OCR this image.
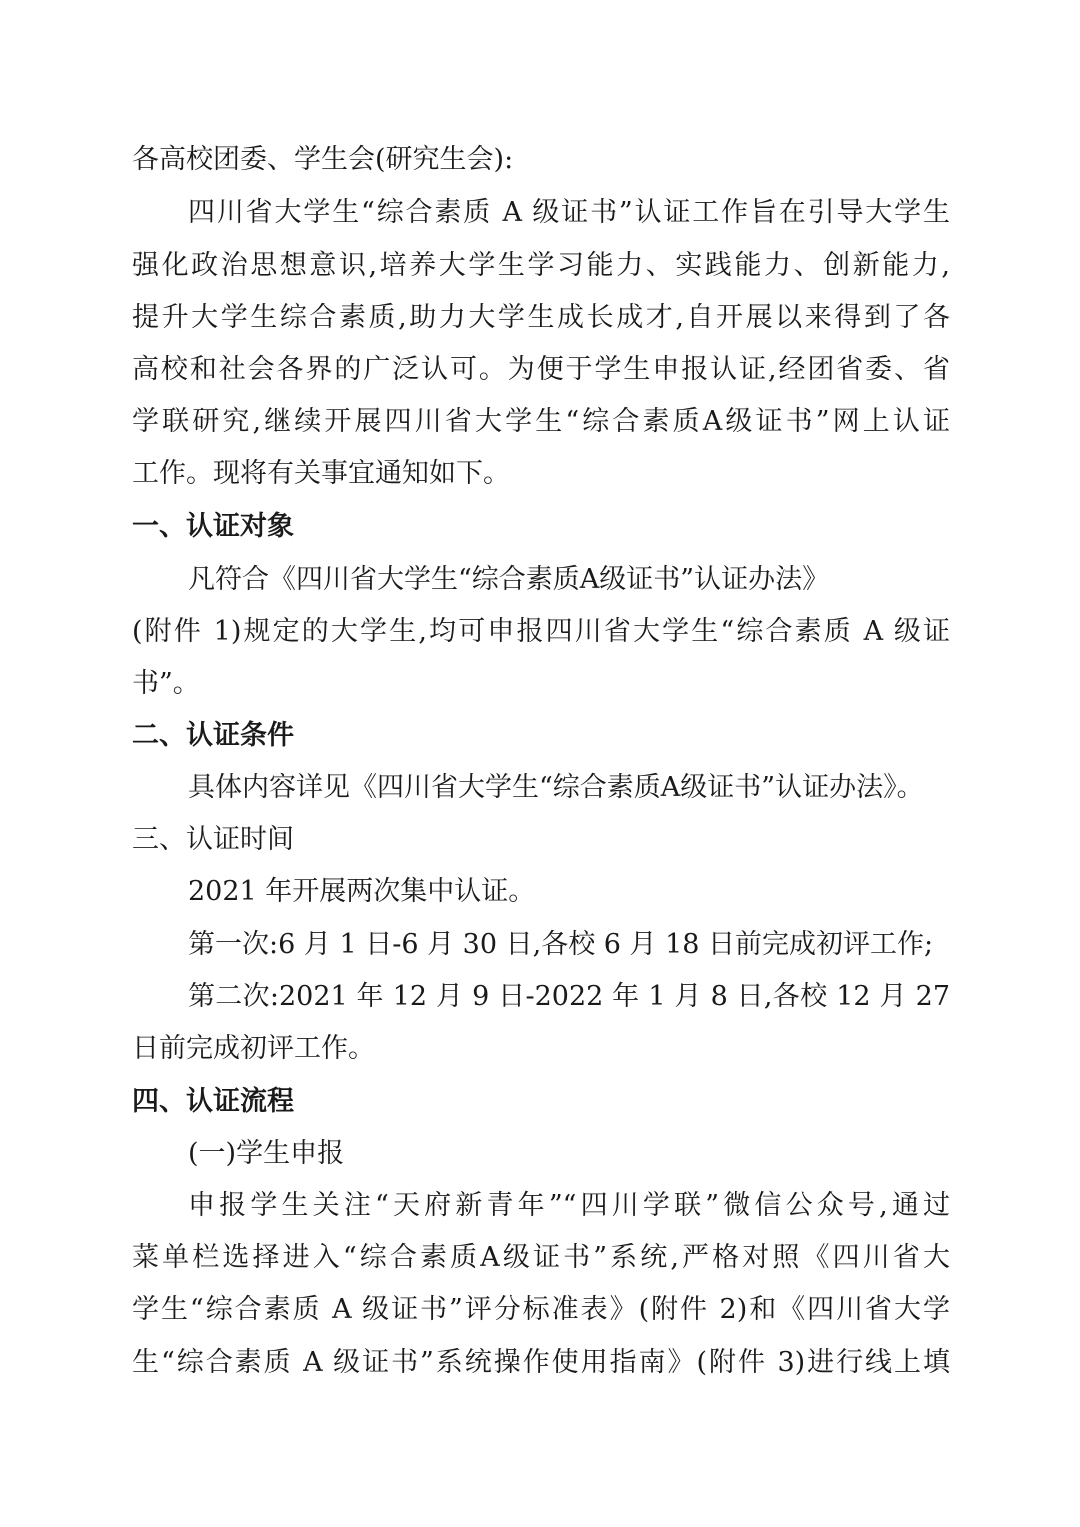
各高校团委、学生会(研究生会):
四川省大学生“综合素质 A 级证书”认证工作旨在引导大学生
强化政治思想意识,培养大学生学习能力、实践能力、创新能力,
提升大学生综合素质,助力大学生成长成才,自开展以来得到了各
高校和社会各界的广泛认可。为便于学生申报认证,经团省委、省
学联研究,继续开展四川省大学生“综合素质A级证书”网上认证
工作。现将有关事宜通知如下。
一、认证对象
凡符合《四川省大学生“综合素质A级证书”认证办法》
(附件 1)规定的大学生,均可申报四川省大学生“综合素质 A 级证
书”。
二、认证条件
具体内容详见《四川省大学生“综合素质A级证书”认证办法》。
三、认证时间
2021 年开展两次集中认证。
第一次:6 月 1 日-6 月 30 日,各校 6 月 18 日前完成初评工作;
第二次:2021 年 12 月 9 日-2022 年 1 月 8 日,各校 12 月 27
日前完成初评工作。
四、认证流程
(一)学生申报
申报学生关注“天府新青年”“四川学联”微信公众号,通过
菜单栏选择进入“综合素质A级证书”系统,严格对照《四川省大
学生“综合素质 A 级证书”评分标准表》(附件 2)和《四川省大学
生“综合素质 A 级证书”系统操作使用指南》(附件 3)进行线上填
